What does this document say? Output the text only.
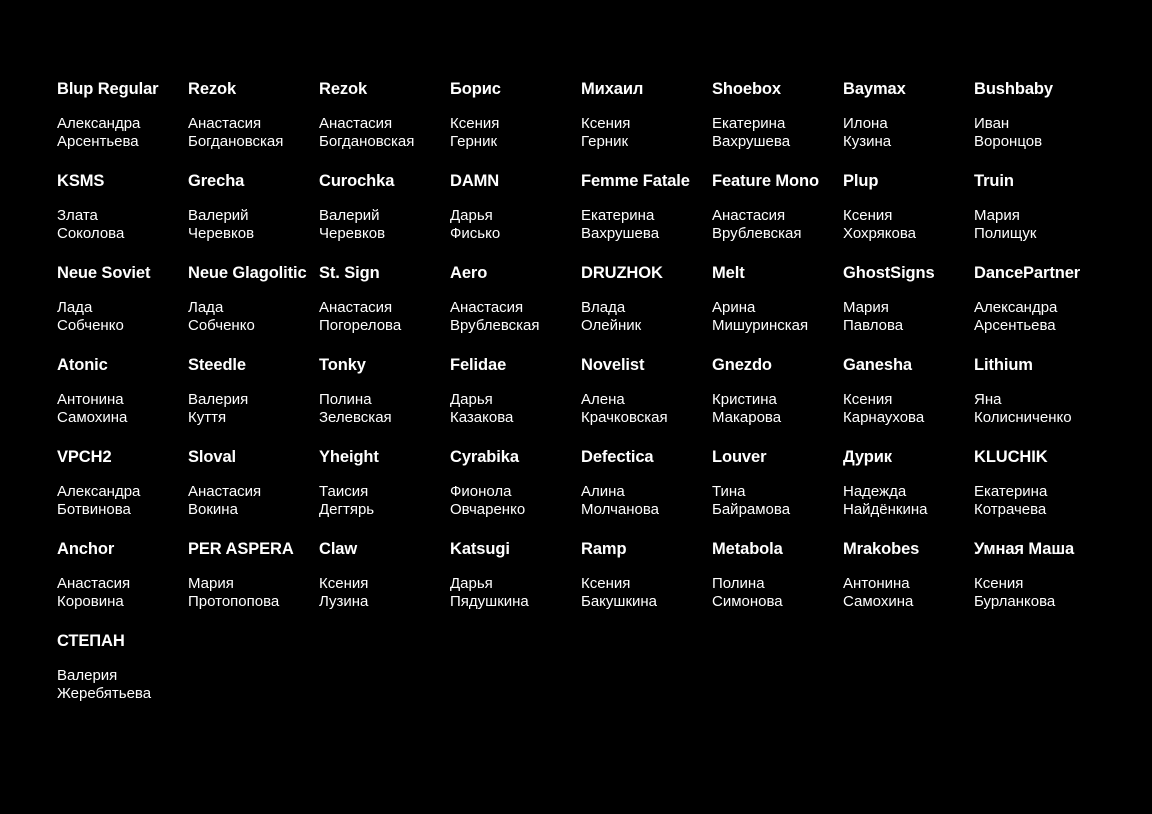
Blup Regular
Александра
Арсентьева
Rezok
Анастасия
Богдановская
Rezok
Анастасия
Богдановская
Борис
Ксения
Герник
Михаил
Ксения
Герник
Shoebox
Екатерина
Вахрушева
Baymax
Илона
Кузина
Bushbaby
Иван
Воронцов
KSMS
Злата
Соколова
Grecha
Валерий
Черевков
Curochka
Валерий
Черевков
DAMN
Дарья
Фисько
Femme Fatale
Екатерина
Вахрушева
Feature Mono
Анастасия
Врублевская
Plup
Ксения
Хохрякова
Truin
Мария
Полищук
Neue Soviet
Лада
Собченко
Neue Glagolitic
Лада
Собченко
St. Sign
Анастасия
Погорелова
Aero
Анастасия
Врублевская
DRUZHOK
Влада
Олейник
Melt
Арина
Мишуринская
GhostSigns
Мария
Павлова
DancePartner
Александра
Арсентьева
Atonic
Антонина
Самохина
Steedle
Валерия
Куття
Tonky
Полина
Зелевская
Felidae
Дарья
Казакова
Novelist
Алена
Крачковская
Gnezdo
Кристина
Макарова
Ganesha
Ксения
Карнаухова
Lithium
Яна
Колисниченко
VPCH2
Александра
Ботвинова
Sloval
Анастасия
Вокина
Yheight
Таисия
Дегтярь
Cyrabika
Фионола
Овчаренко
Defectica
Алина
Молчанова
Louver
Тина
Байрамова
Дурик
Надежда
Найдёнкина
KLUCHIK
Екатерина
Котрачева
Anchor
Анастасия
Коровина
PER ASPERA
Мария
Протопопова
Claw
Ксения
Лузина
Katsugi
Дарья
Пядушкина
Ramp
Ксения
Бакушкина
Metabola
Полина
Симонова
Mrakobes
Антонина
Самохина
Умная Маша
Ксения
Бурланкова
СТЕПАН
Валерия
Жеребятьева
